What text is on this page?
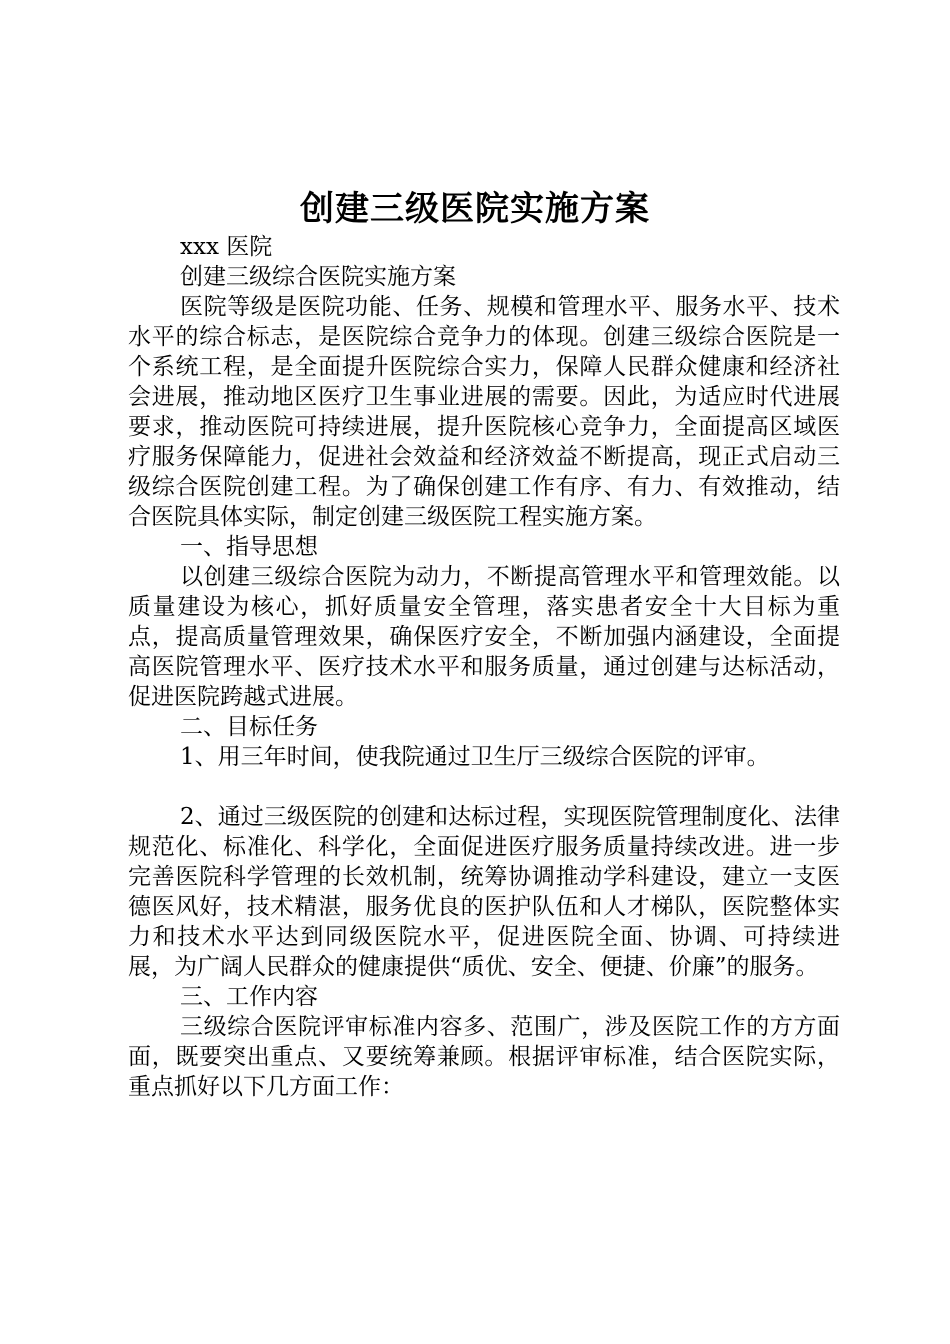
创建三级医院实施方案

xxx 医院

创建三级综合医院实施方案

医院等级是医院功能、任务、规模和管理水平、服务水平、技术水平的综合标志，是医院综合竞争力的体现。创建三级综合医院是一个系统工程，是全面提升医院综合实力，保障人民群众健康和经济社会进展，推动地区医疗卫生事业进展的需要。因此，为适应时代进展要求，推动医院可持续进展，提升医院核心竞争力，全面提高区域医疗服务保障能力，促进社会效益和经济效益不断提高，现正式启动三级综合医院创建工程。为了确保创建工作有序、有力、有效推动，结合医院具体实际，制定创建三级医院工程实施方案。

一、指导思想

以创建三级综合医院为动力，不断提高管理水平和管理效能。以质量建设为核心，抓好质量安全管理，落实患者安全十大目标为重点，提高质量管理效果，确保医疗安全，不断加强内涵建设，全面提高医院管理水平、医疗技术水平和服务质量，通过创建与达标活动，促进医院跨越式进展。

二、目标任务

1、用三年时间，使我院通过卫生厅三级综合医院的评审。

2、通过三级医院的创建和达标过程，实现医院管理制度化、法律规范化、标准化、科学化，全面促进医疗服务质量持续改进。进一步完善医院科学管理的长效机制，统筹协调推动学科建设，建立一支医德医风好，技术精湛，服务优良的医护队伍和人才梯队，医院整体实力和技术水平达到同级医院水平，促进医院全面、协调、可持续进展，为广阔人民群众的健康提供“质优、安全、便捷、价廉”的服务。

三、工作内容

三级综合医院评审标准内容多、范围广，涉及医院工作的方方面面，既要突出重点、又要统筹兼顾。根据评审标准，结合医院实际，重点抓好以下几方面工作：
